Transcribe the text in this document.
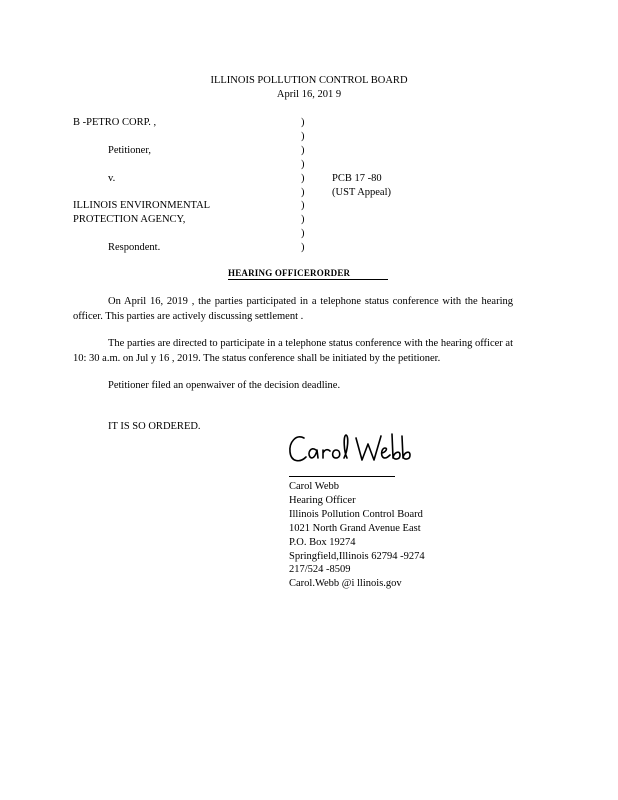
ILLINOIS POLLUTION CONTROL BOARD
April 16, 201 9
B -PETRO CORP. ,
Petitioner,
v.
ILLINOIS ENVIRONMENTAL
PROTECTION AGENCY,
Respondent.
)
)
)
)
)
)
)
)
)
)
PCB 17 -80
(UST Appeal)
HEARING OFFICERORDER
On April 16, 2019 , the parties participated in a telephone status conference with the hearing officer. This parties are actively discussing settlement .
The parties are directed to participate in a telephone status conference with the hearing officer at 10: 30 a.m. on Jul y 16 , 2019. The status conference shall be initiated by the petitioner.
Petitioner filed an openwaiver of the decision deadline.
IT IS SO ORDERED.
Carol Webb
Hearing Officer
Illinois Pollution Control Board
1021 North Grand Avenue East
P.O. Box 19274
Springfield,Illinois 62794 -9274
217/524 -8509
Carol.Webb @i llinois.gov
